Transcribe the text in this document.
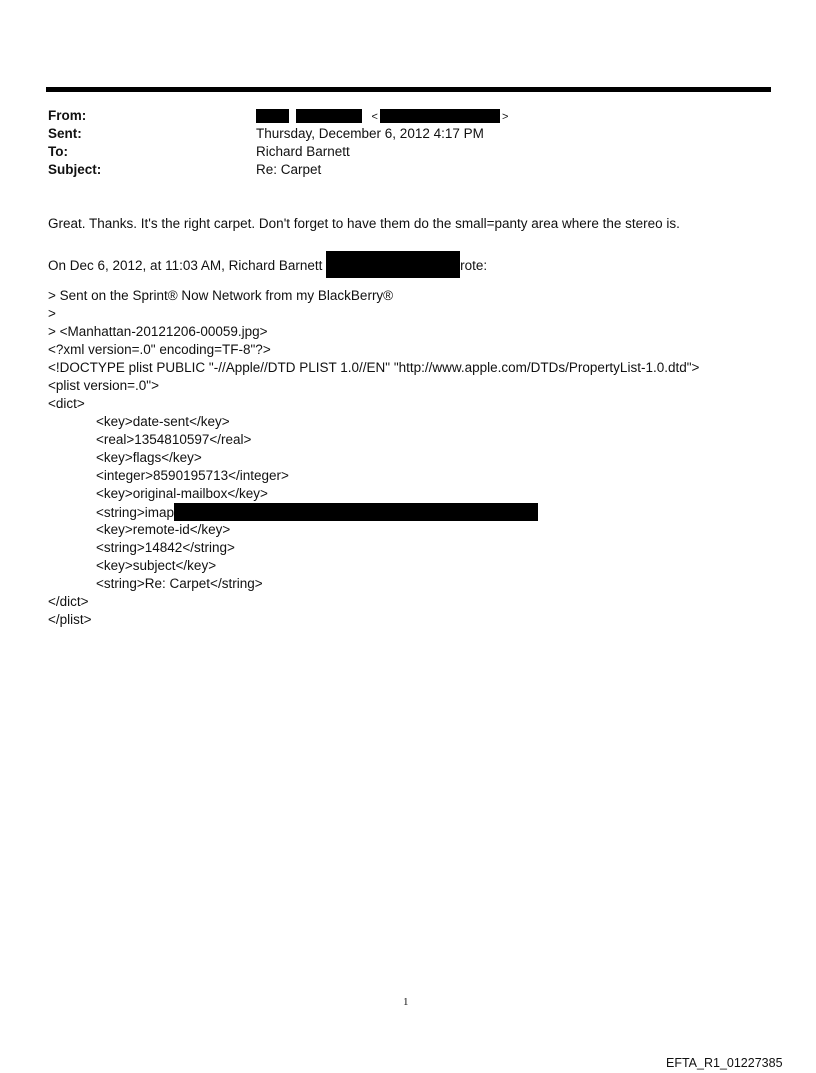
From:	<	>
Sent:	Thursday, December 6, 2012 4:17 PM
To:	Richard Barnett
Subject:	Re: Carpet
Great. Thanks. It's the right carpet. Don't forget to have them do the small=panty area where the stereo is.
On Dec 6, 2012, at 11:03 AM, Richard Barnett	rote:
> Sent on the Sprint® Now Network from my BlackBerry®
>
> <Manhattan-20121206-00059.jpg>
<?xml version=.0" encoding=TF-8"?>
<!DOCTYPE plist PUBLIC "-//Apple//DTD PLIST 1.0//EN" "http://www.apple.com/DTDs/PropertyList-1.0.dtd">
<plist version=.0">
<dict>
<key>date-sent</key>
<real>1354810597</real>
<key>flags</key>
<integer>8590195713</integer>
<key>original-mailbox</key>
<string>imap
<key>remote-id</key>
<string>14842</string>
<key>subject</key>
<string>Re: Carpet</string>
</dict>
</plist>
1
EFTA_R1_01227385
